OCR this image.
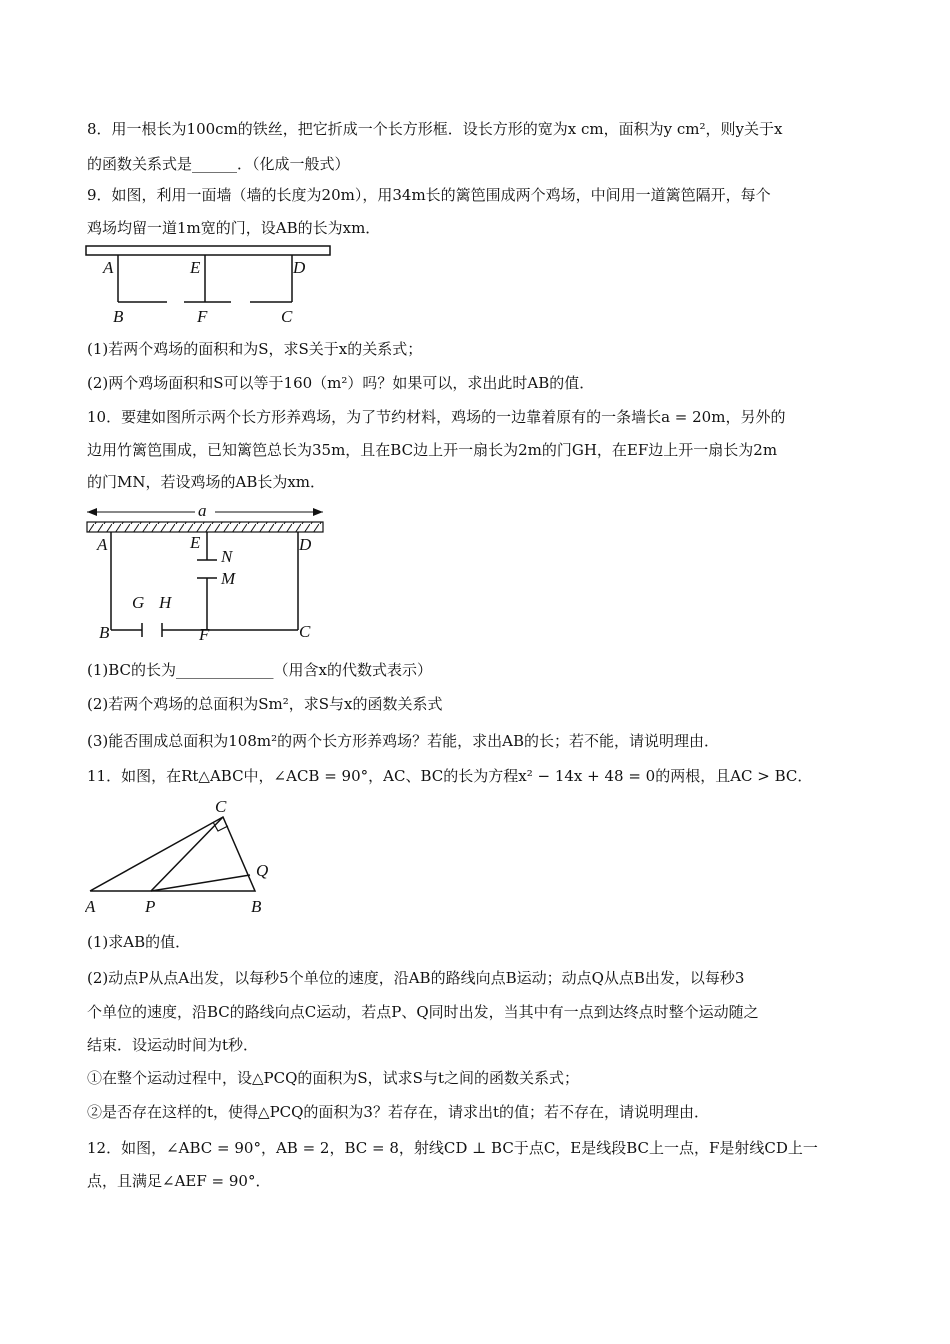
8．用一根长为100cm的铁丝，把它折成一个长方形框．设长方形的宽为x cm，面积为y cm²，则y关于x
的函数关系式是______．（化成一般式）
9．如图，利用一面墙（墙的长度为20m），用34m长的篱笆围成两个鸡场，中间用一道篱笆隔开，每个
鸡场均留一道1m宽的门，设AB的长为xm．
A	E	D
B	F	C
(1)若两个鸡场的面积和为S，求S关于x的关系式；
(2)两个鸡场面积和S可以等于160（m²）吗？如果可以，求出此时AB的值．
10．要建如图所示两个长方形养鸡场，为了节约材料，鸡场的一边靠着原有的一条墙长a = 20m，另外的
边用竹篱笆围成，已知篱笆总长为35m，且在BC边上开一扇长为2m的门GH，在EF边上开一扇长为2m
的门MN，若设鸡场的AB长为xm．
a
A	E	D
N
M
G H
B	F	C
(1)BC的长为_____________（用含x的代数式表示）
(2)若两个鸡场的总面积为Sm²，求S与x的函数关系式
(3)能否围成总面积为108m²的两个长方形养鸡场？若能，求出AB的长；若不能，请说明理由．
11．如图，在Rt△ABC中，∠ACB = 90°，AC、BC的长为方程x² − 14x + 48 = 0的两根，且AC > BC．
C
Q
A	P	B
(1)求AB的值．
(2)动点P从点A出发，以每秒5个单位的速度，沿AB的路线向点B运动；动点Q从点B出发，以每秒3
个单位的速度，沿BC的路线向点C运动，若点P、Q同时出发，当其中有一点到达终点时整个运动随之
结束．设运动时间为t秒．
①在整个运动过程中，设△PCQ的面积为S，试求S与t之间的函数关系式；
②是否存在这样的t，使得△PCQ的面积为3？若存在，请求出t的值；若不存在，请说明理由．
12．如图，∠ABC = 90°，AB = 2，BC = 8，射线CD ⊥ BC于点C，E是线段BC上一点，F是射线CD上一
点，且满足∠AEF = 90°．
